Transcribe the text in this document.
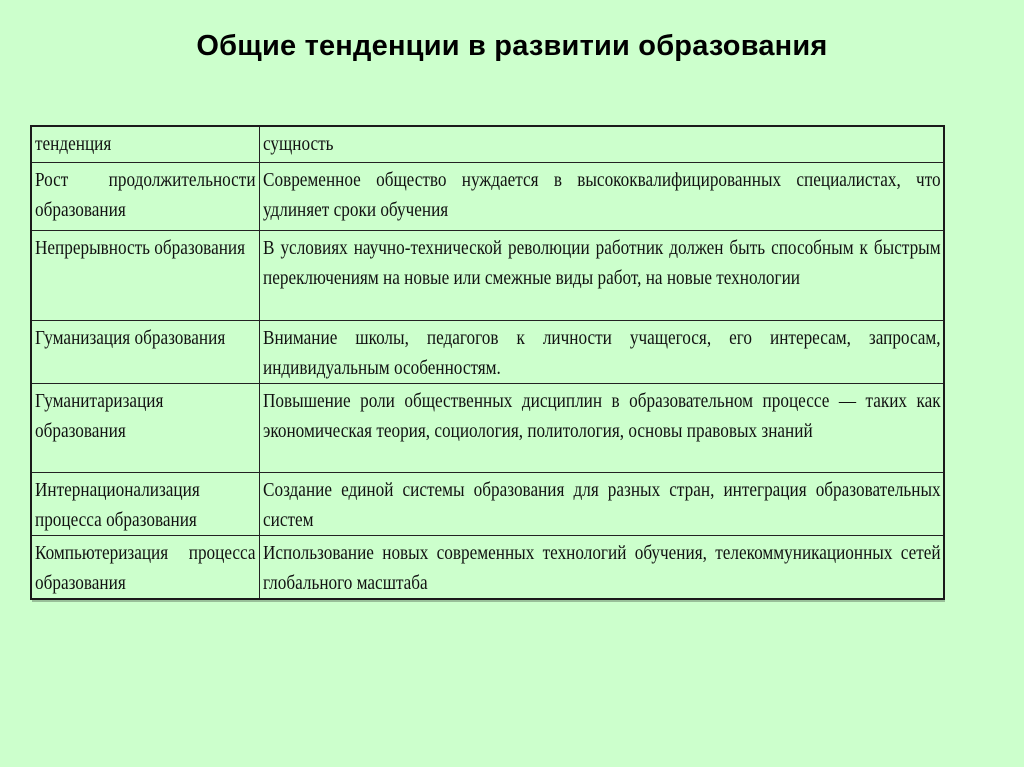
Общие тенденции в развитии образования
тенденция	сущность

Рост продолжительности образования	Современное общество нуждается в высококвалифицированных специалистах, что удлиняет сроки обучения

Непрерывность образования	В условиях научно-технической революции работник должен быть способным к быстрым переключениям на новые или смежные виды работ, на новые технологии

Гуманизация образования	Внимание школы, педагогов к личности учащегося, его интересам, запросам, индивидуальным особенностям.

Гуманитаризация образования	Повышение роли общественных дисциплин в образовательном процессе — таких как экономическая теория, социология, политология, основы правовых знаний

Интернационализация процесса образования	Создание единой системы образования для разных стран, интеграция образовательных систем

Компьютеризация процесса образования	Использование новых современных технологий обучения, телекоммуникационных сетей глобального масштаба
